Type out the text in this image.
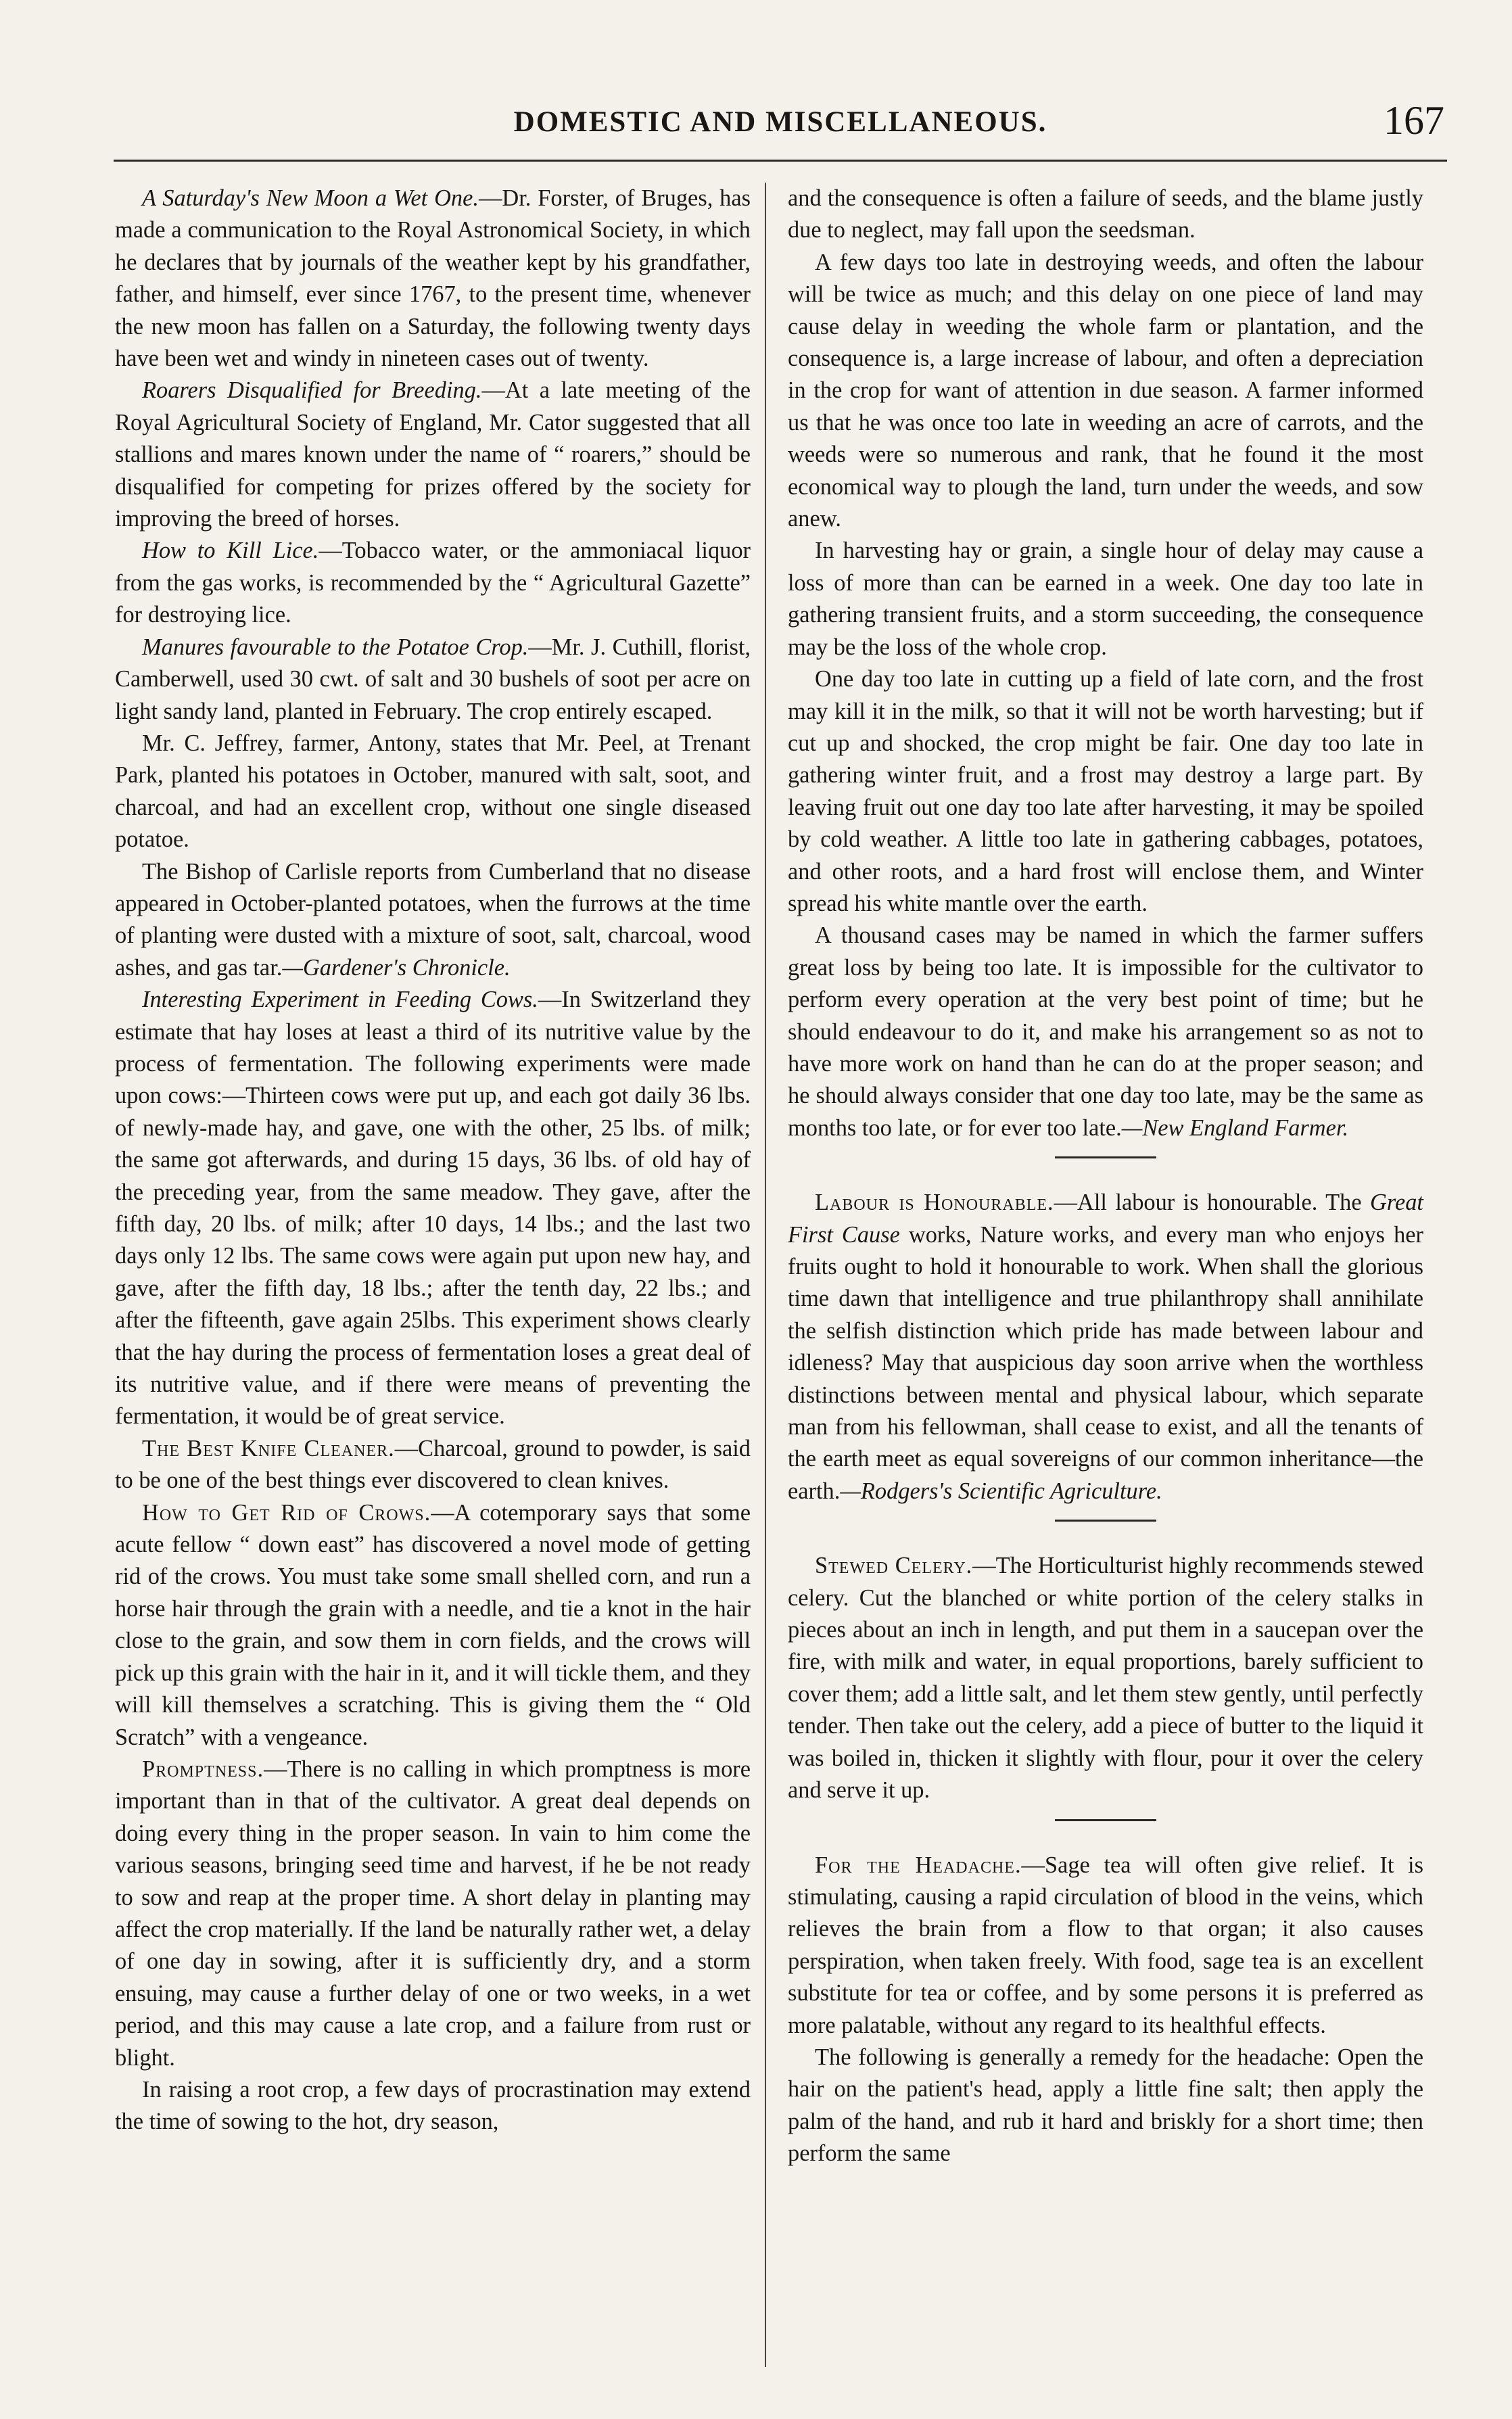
DOMESTIC AND MISCELLANEOUS.	167

A Saturday's New Moon a Wet One.—Dr. Forster, of Bruges, has made a communication to the Royal Astronomical Society, in which he declares that by journals of the weather kept by his grandfather, father, and himself, ever since 1767, to the present time, whenever the new moon has fallen on a Saturday, the following twenty days have been wet and windy in nineteen cases out of twenty.

Roarers Disqualified for Breeding.—At a late meeting of the Royal Agricultural Society of England, Mr. Cator suggested that all stallions and mares known under the name of “ roarers,” should be disqualified for competing for prizes offered by the society for improving the breed of horses.

How to Kill Lice.—Tobacco water, or the ammoniacal liquor from the gas works, is recommended by the “ Agricultural Gazette” for destroying lice.

Manures favourable to the Potatoe Crop.—Mr. J. Cuthill, florist, Camberwell, used 30 cwt. of salt and 30 bushels of soot per acre on light sandy land, planted in February. The crop entirely escaped.

Mr. C. Jeffrey, farmer, Antony, states that Mr. Peel, at Trenant Park, planted his potatoes in October, manured with salt, soot, and charcoal, and had an excellent crop, without one single diseased potatoe.

The Bishop of Carlisle reports from Cumberland that no disease appeared in October-planted potatoes, when the furrows at the time of planting were dusted with a mixture of soot, salt, charcoal, wood ashes, and gas tar.—Gardener's Chronicle.

Interesting Experiment in Feeding Cows.—In Switzerland they estimate that hay loses at least a third of its nutritive value by the process of fermentation. The following experiments were made upon cows:—Thirteen cows were put up, and each got daily 36 lbs. of newly-made hay, and gave, one with the other, 25 lbs. of milk; the same got afterwards, and during 15 days, 36 lbs. of old hay of the preceding year, from the same meadow. They gave, after the fifth day, 20 lbs. of milk; after 10 days, 14 lbs.; and the last two days only 12 lbs. The same cows were again put upon new hay, and gave, after the fifth day, 18 lbs.; after the tenth day, 22 lbs.; and after the fifteenth, gave again 25lbs. This experiment shows clearly that the hay during the process of fermentation loses a great deal of its nutritive value, and if there were means of preventing the fermentation, it would be of great service.

The Best Knife Cleaner.—Charcoal, ground to powder, is said to be one of the best things ever discovered to clean knives.

How to Get Rid of Crows.—A cotemporary says that some acute fellow “ down east” has discovered a novel mode of getting rid of the crows. You must take some small shelled corn, and run a horse hair through the grain with a needle, and tie a knot in the hair close to the grain, and sow them in corn fields, and the crows will pick up this grain with the hair in it, and it will tickle them, and they will kill themselves a scratching. This is giving them the “ Old Scratch” with a vengeance.

Promptness.—There is no calling in which promptness is more important than in that of the cultivator. A great deal depends on doing every thing in the proper season. In vain to him come the various seasons, bringing seed time and harvest, if he be not ready to sow and reap at the proper time. A short delay in planting may affect the crop materially. If the land be naturally rather wet, a delay of one day in sowing, after it is sufficiently dry, and a storm ensuing, may cause a further delay of one or two weeks, in a wet period, and this may cause a late crop, and a failure from rust or blight.

In raising a root crop, a few days of procrastination may extend the time of sowing to the hot, dry season,

and the consequence is often a failure of seeds, and the blame justly due to neglect, may fall upon the seedsman.

A few days too late in destroying weeds, and often the labour will be twice as much; and this delay on one piece of land may cause delay in weeding the whole farm or plantation, and the consequence is, a large increase of labour, and often a depreciation in the crop for want of attention in due season. A farmer informed us that he was once too late in weeding an acre of carrots, and the weeds were so numerous and rank, that he found it the most economical way to plough the land, turn under the weeds, and sow anew.

In harvesting hay or grain, a single hour of delay may cause a loss of more than can be earned in a week. One day too late in gathering transient fruits, and a storm succeeding, the consequence may be the loss of the whole crop.

One day too late in cutting up a field of late corn, and the frost may kill it in the milk, so that it will not be worth harvesting; but if cut up and shocked, the crop might be fair. One day too late in gathering winter fruit, and a frost may destroy a large part. By leaving fruit out one day too late after harvesting, it may be spoiled by cold weather. A little too late in gathering cabbages, potatoes, and other roots, and a hard frost will enclose them, and Winter spread his white mantle over the earth.

A thousand cases may be named in which the farmer suffers great loss by being too late. It is impossible for the cultivator to perform every operation at the very best point of time; but he should endeavour to do it, and make his arrangement so as not to have more work on hand than he can do at the proper season; and he should always consider that one day too late, may be the same as months too late, or for ever too late.—New England Farmer.

Labour is Honourable.—All labour is honourable. The Great First Cause works, Nature works, and every man who enjoys her fruits ought to hold it honourable to work. When shall the glorious time dawn that intelligence and true philanthropy shall annihilate the selfish distinction which pride has made between labour and idleness? May that auspicious day soon arrive when the worthless distinctions between mental and physical labour, which separate man from his fellowman, shall cease to exist, and all the tenants of the earth meet as equal sovereigns of our common inheritance—the earth.—Rodgers's Scientific Agriculture.

Stewed Celery.—The Horticulturist highly recommends stewed celery. Cut the blanched or white portion of the celery stalks in pieces about an inch in length, and put them in a saucepan over the fire, with milk and water, in equal proportions, barely sufficient to cover them; add a little salt, and let them stew gently, until perfectly tender. Then take out the celery, add a piece of butter to the liquid it was boiled in, thicken it slightly with flour, pour it over the celery and serve it up.

For the Headache.—Sage tea will often give relief. It is stimulating, causing a rapid circulation of blood in the veins, which relieves the brain from a flow to that organ; it also causes perspiration, when taken freely. With food, sage tea is an excellent substitute for tea or coffee, and by some persons it is preferred as more palatable, without any regard to its healthful effects.

The following is generally a remedy for the headache: Open the hair on the patient's head, apply a little fine salt; then apply the palm of the hand, and rub it hard and briskly for a short time; then perform the same
